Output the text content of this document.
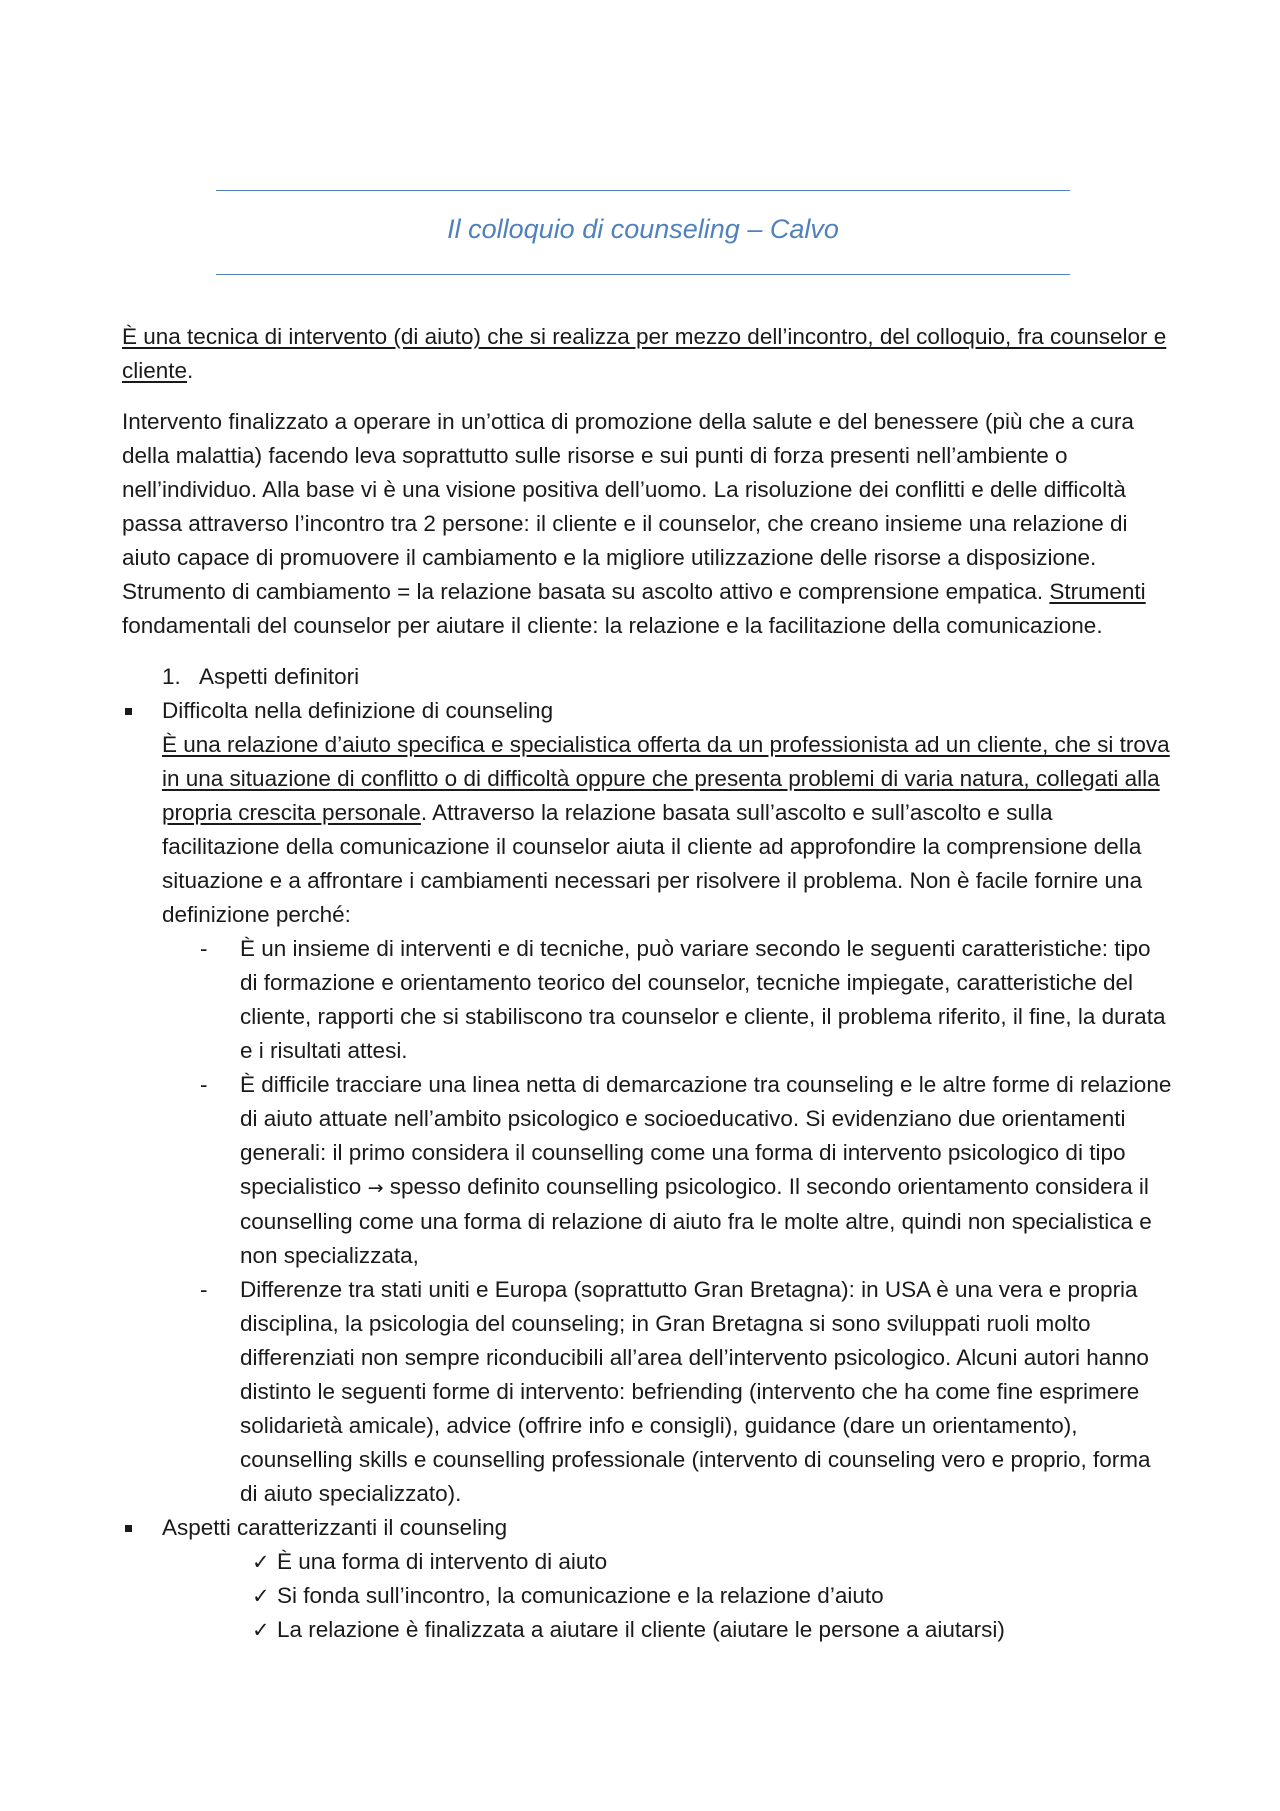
Il colloquio di counseling – Calvo

È una tecnica di intervento (di aiuto) che si realizza per mezzo dell’incontro, del colloquio, fra counselor e cliente.

Intervento finalizzato a operare in un’ottica di promozione della salute e del benessere (più che a cura della malattia) facendo leva soprattutto sulle risorse e sui punti di forza presenti nell’ambiente o nell’individuo. Alla base vi è una visione positiva dell’uomo. La risoluzione dei conflitti e delle difficoltà passa attraverso l’incontro tra 2 persone: il cliente e il counselor, che creano insieme una relazione di aiuto capace di promuovere il cambiamento e la migliore utilizzazione delle risorse a disposizione. Strumento di cambiamento = la relazione basata su ascolto attivo e comprensione empatica. Strumenti fondamentali del counselor per aiutare il cliente: la relazione e la facilitazione della comunicazione.

1. Aspetti definitori
Difficolta nella definizione di counseling
È una relazione d’aiuto specifica e specialistica offerta da un professionista ad un cliente, che si trova in una situazione di conflitto o di difficoltà oppure che presenta problemi di varia natura, collegati alla propria crescita personale. Attraverso la relazione basata sull’ascolto e sull’ascolto e sulla facilitazione della comunicazione il counselor aiuta il cliente ad approfondire la comprensione della situazione e a affrontare i cambiamenti necessari per risolvere il problema. Non è facile fornire una definizione perché:
- È un insieme di interventi e di tecniche, può variare secondo le seguenti caratteristiche: tipo di formazione e orientamento teorico del counselor, tecniche impiegate, caratteristiche del cliente, rapporti che si stabiliscono tra counselor e cliente, il problema riferito, il fine, la durata e i risultati attesi.
- È difficile tracciare una linea netta di demarcazione tra counseling e le altre forme di relazione di aiuto attuate nell’ambito psicologico e socioeducativo. Si evidenziano due orientamenti generali: il primo considera il counselling come una forma di intervento psicologico di tipo specialistico → spesso definito counselling psicologico. Il secondo orientamento considera il counselling come una forma di relazione di aiuto fra le molte altre, quindi non specialistica e non specializzata,
- Differenze tra stati uniti e Europa (soprattutto Gran Bretagna): in USA è una vera e propria disciplina, la psicologia del counseling; in Gran Bretagna si sono sviluppati ruoli molto differenziati non sempre riconducibili all’area dell’intervento psicologico. Alcuni autori hanno distinto le seguenti forme di intervento: befriending (intervento che ha come fine esprimere solidarietà amicale), advice (offrire info e consigli), guidance (dare un orientamento), counselling skills e counselling professionale (intervento di counseling vero e proprio, forma di aiuto specializzato).
Aspetti caratterizzanti il counseling
✓ È una forma di intervento di aiuto
✓ Si fonda sull’incontro, la comunicazione e la relazione d’aiuto
✓ La relazione è finalizzata a aiutare il cliente (aiutare le persone a aiutarsi)
